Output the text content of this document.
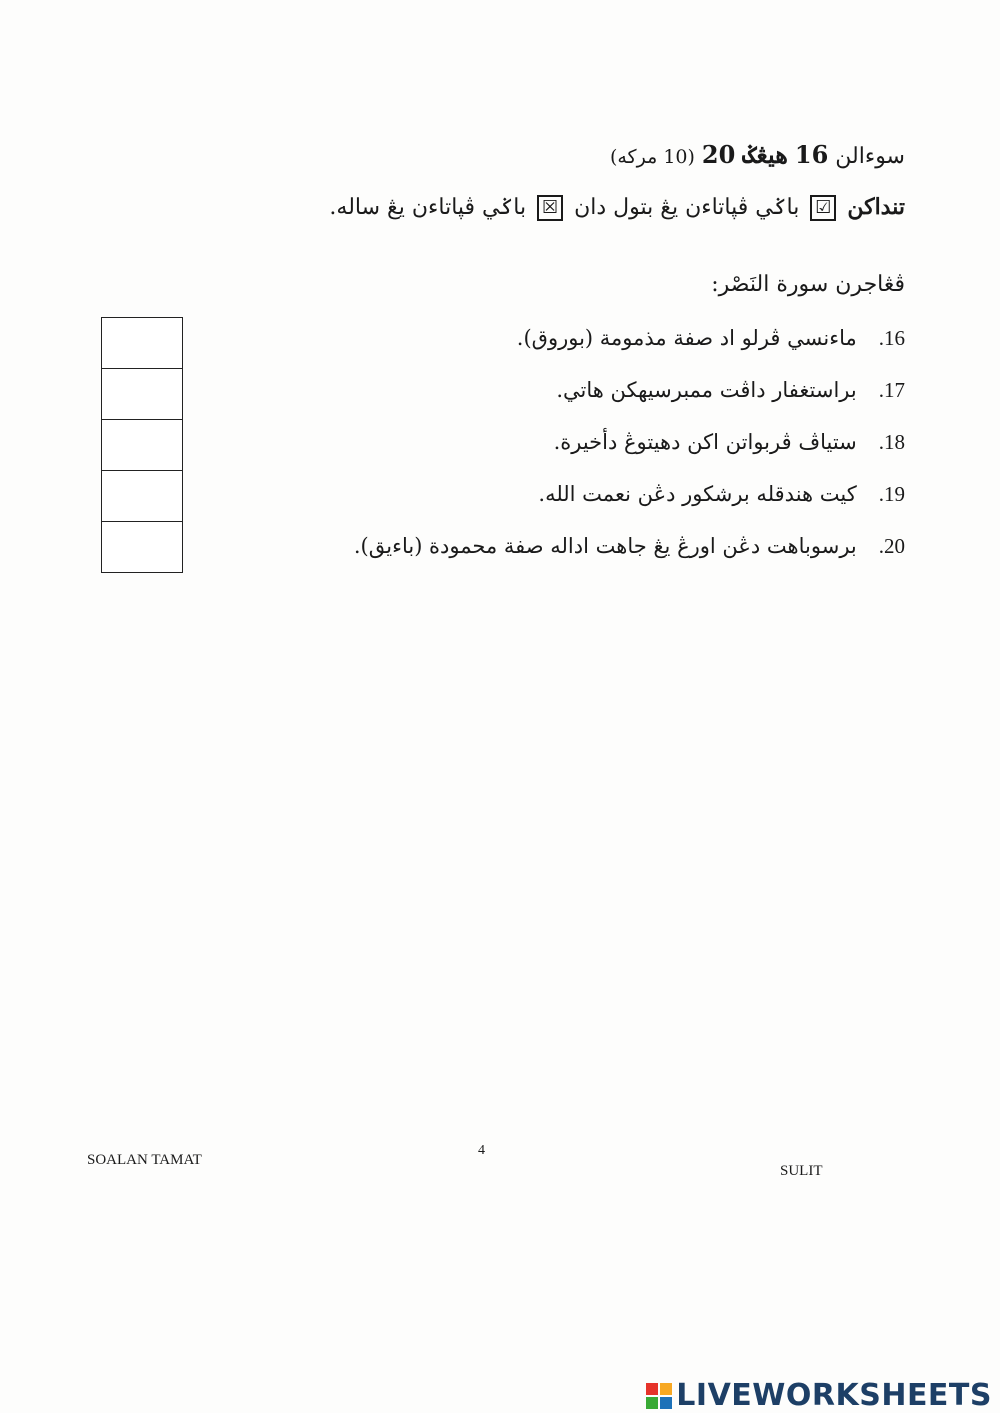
سوءالن 16 هيڠݢ 20 (10 مرکه)
تنداکن ☑ باݢي ڤپاتاءن يڠ بتول دان ☒ باݢي ڤپاتاءن يڠ ساله.
ڤڠاجرن سورة النَصْر:
16.ماءنسي ڤرلو اد صفة مذمومة (بوروق).
17.براستغفار داڤت ممبرسيهکن هاتي.
18.ستياڤ ڤربواتن اکن دهيتوڠ دأخيرة.
19.کيت هندقله برشکور دڠن نعمت الله.
20.برسوباهت دڠن اورڠ يڠ جاهت اداله صفة محمودة (باءيق).
SOALAN TAMAT
4
SULIT
LIVEWORKSHEETS
